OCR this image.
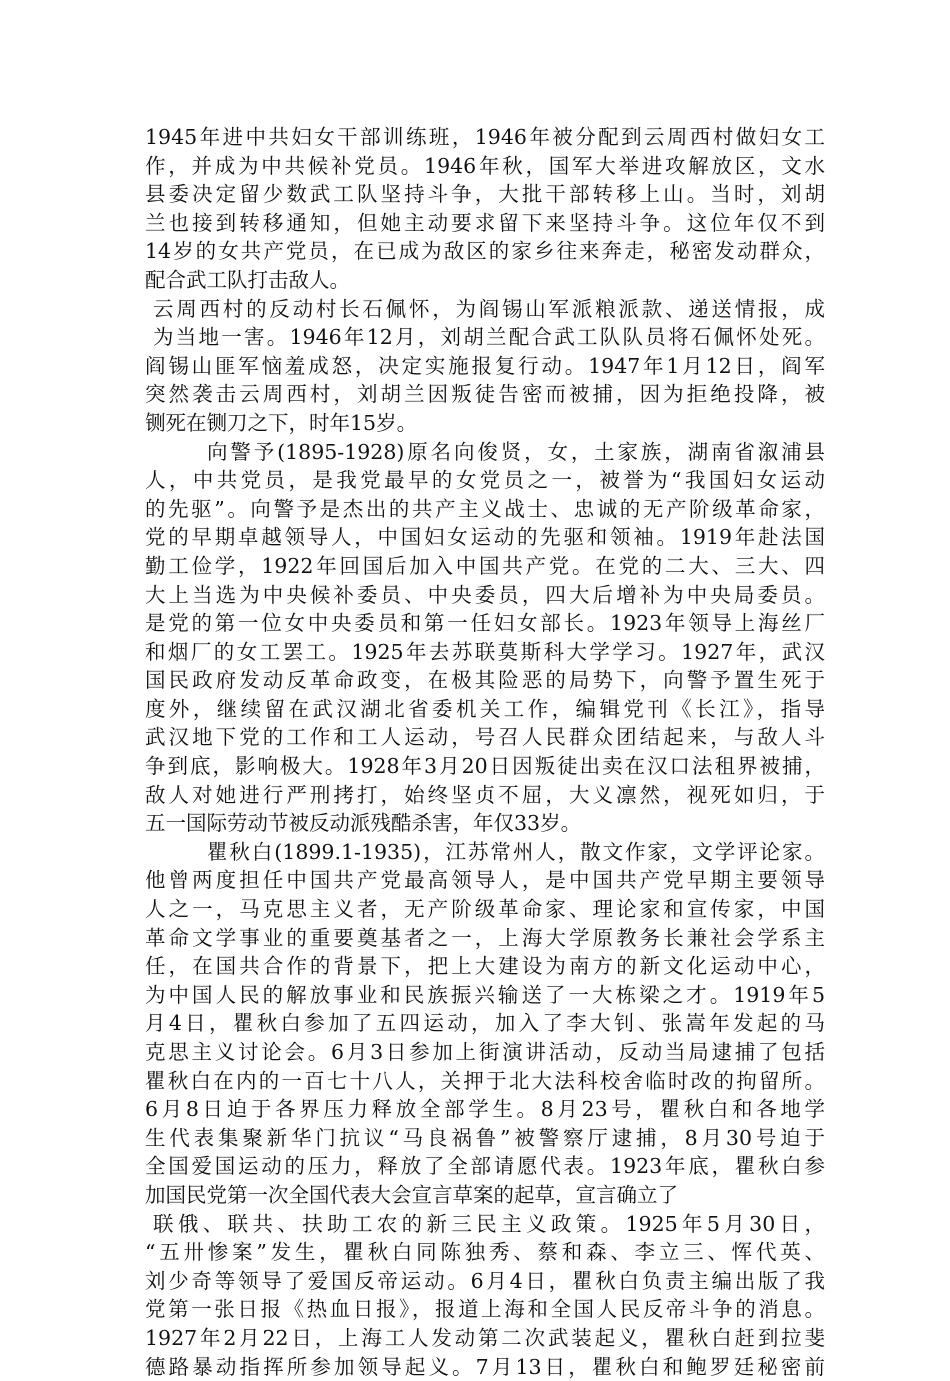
1945年进中共妇女干部训练班，1946年被分配到云周西村做妇女工
作，并成为中共候补党员。1946年秋，国军大举进攻解放区，文水
县委决定留少数武工队坚持斗争，大批干部转移上山。当时，刘胡
兰也接到转移通知，但她主动要求留下来坚持斗争。这位年仅不到
14岁的女共产党员，在已成为敌区的家乡往来奔走，秘密发动群众，
配合武工队打击敌人。
云周西村的反动村长石佩怀，为阎锡山军派粮派款、递送情报，成
为当地一害。1946年12月，刘胡兰配合武工队队员将石佩怀处死。
阎锡山匪军恼羞成怒，决定实施报复行动。1947年1月12日，阎军
突然袭击云周西村，刘胡兰因叛徒告密而被捕，因为拒绝投降，被
铡死在铡刀之下，时年15岁。
向警予(1895-1928)原名向俊贤，女，土家族，湖南省溆浦县
人，中共党员，是我党最早的女党员之一，被誉为“我国妇女运动
的先驱”。向警予是杰出的共产主义战士、忠诚的无产阶级革命家，
党的早期卓越领导人，中国妇女运动的先驱和领袖。1919年赴法国
勤工俭学，1922年回国后加入中国共产党。在党的二大、三大、四
大上当选为中央候补委员、中央委员，四大后增补为中央局委员。
是党的第一位女中央委员和第一任妇女部长。1923年领导上海丝厂
和烟厂的女工罢工。1925年去苏联莫斯科大学学习。1927年，武汉
国民政府发动反革命政变，在极其险恶的局势下，向警予置生死于
度外，继续留在武汉湖北省委机关工作，编辑党刊《长江》，指导
武汉地下党的工作和工人运动，号召人民群众团结起来，与敌人斗
争到底，影响极大。1928年3月20日因叛徒出卖在汉口法租界被捕，
敌人对她进行严刑拷打，始终坚贞不屈，大义凛然，视死如归，于
五一国际劳动节被反动派残酷杀害，年仅33岁。
瞿秋白(1899.1-1935)，江苏常州人，散文作家，文学评论家。
他曾两度担任中国共产党最高领导人，是中国共产党早期主要领导
人之一，马克思主义者，无产阶级革命家、理论家和宣传家，中国
革命文学事业的重要奠基者之一，上海大学原教务长兼社会学系主
任，在国共合作的背景下，把上大建设为南方的新文化运动中心，
为中国人民的解放事业和民族振兴输送了一大栋梁之才。1919年5
月4日，瞿秋白参加了五四运动，加入了李大钊、张嵩年发起的马
克思主义讨论会。6月3日参加上街演讲活动，反动当局逮捕了包括
瞿秋白在内的一百七十八人，关押于北大法科校舍临时改的拘留所。
6月8日迫于各界压力释放全部学生。8月23号，瞿秋白和各地学
生代表集聚新华门抗议“马良祸鲁”被警察厅逮捕，8月30号迫于
全国爱国运动的压力，释放了全部请愿代表。1923年底，瞿秋白参
加国民党第一次全国代表大会宣言草案的起草，宣言确立了
联俄、联共、扶助工农的新三民主义政策。1925年5月30日，
“五卅惨案”发生，瞿秋白同陈独秀、蔡和森、李立三、恽代英、
刘少奇等领导了爱国反帝运动。6月4日，瞿秋白负责主编出版了我
党第一张日报《热血日报》，报道上海和全国人民反帝斗争的消息。
1927年2月22日，上海工人发动第二次武装起义，瞿秋白赶到拉斐
德路暴动指挥所参加领导起义。7月13日，瞿秋白和鲍罗廷秘密前
